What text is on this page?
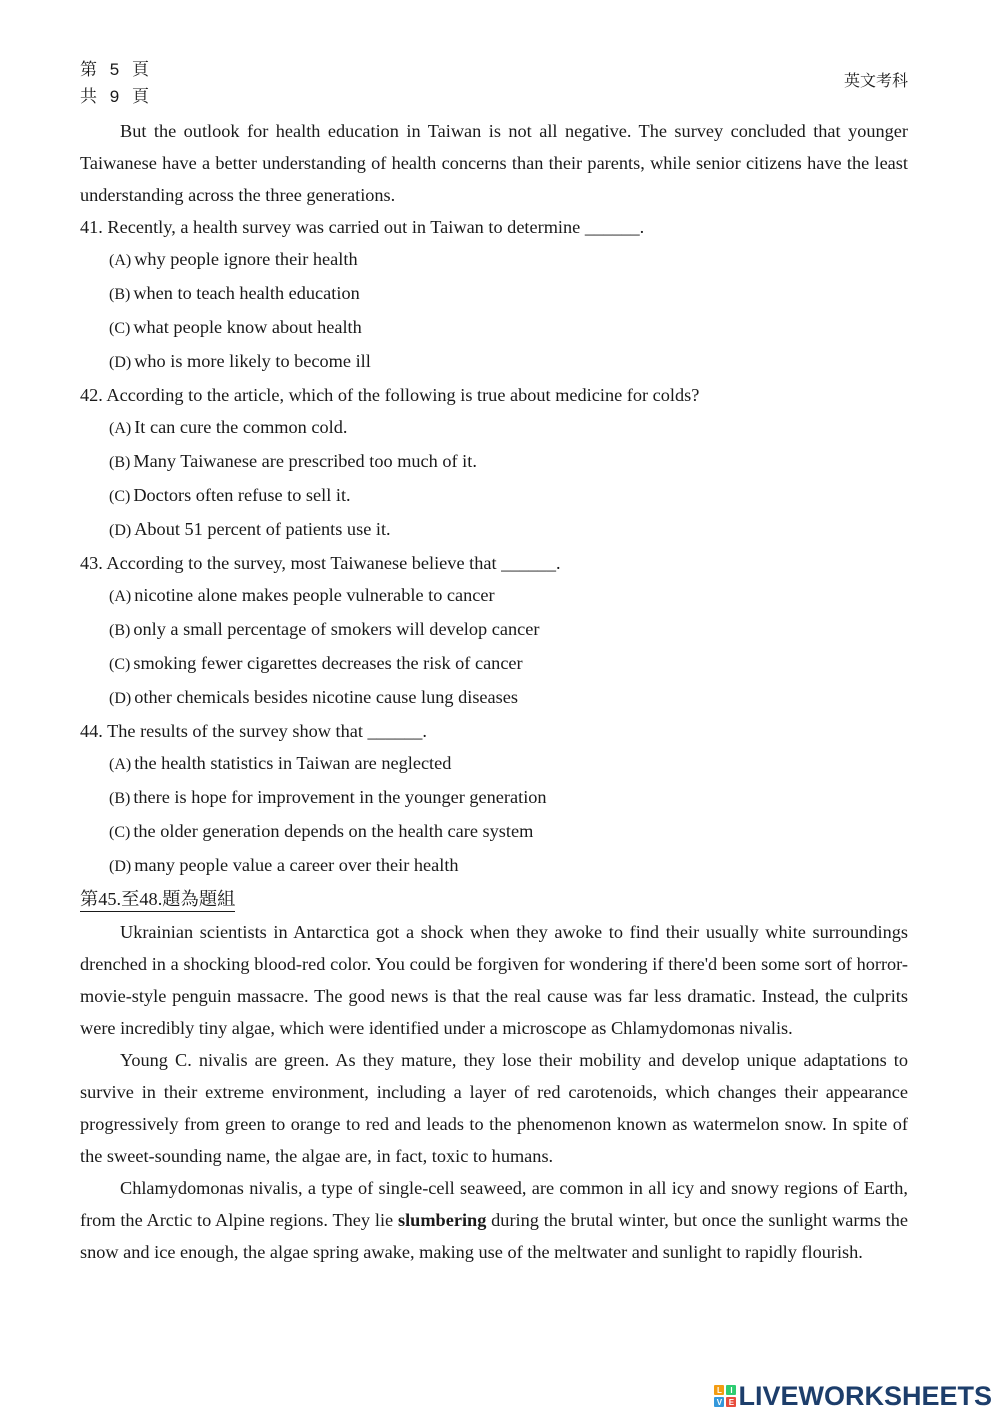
第 5 頁
共 9 頁
英文考科

But the outlook for health education in Taiwan is not all negative. The survey concluded that younger Taiwanese have a better understanding of health concerns than their parents, while senior citizens have the least understanding across the three generations.

41. Recently, a health survey was carried out in Taiwan to determine ______.
(A) why people ignore their health
(B) when to teach health education
(C) what people know about health
(D) who is more likely to become ill
42. According to the article, which of the following is true about medicine for colds?
(A) It can cure the common cold.
(B) Many Taiwanese are prescribed too much of it.
(C) Doctors often refuse to sell it.
(D) About 51 percent of patients use it.
43. According to the survey, most Taiwanese believe that ______.
(A) nicotine alone makes people vulnerable to cancer
(B) only a small percentage of smokers will develop cancer
(C) smoking fewer cigarettes decreases the risk of cancer
(D) other chemicals besides nicotine cause lung diseases
44. The results of the survey show that ______.
(A) the health statistics in Taiwan are neglected
(B) there is hope for improvement in the younger generation
(C) the older generation depends on the health care system
(D) many people value a career over their health
第45.至48.題為題組

Ukrainian scientists in Antarctica got a shock when they awoke to find their usually white surroundings drenched in a shocking blood-red color. You could be forgiven for wondering if there'd been some sort of horror-movie-style penguin massacre. The good news is that the real cause was far less dramatic. Instead, the culprits were incredibly tiny algae, which were identified under a microscope as Chlamydomonas nivalis.

Young C. nivalis are green. As they mature, they lose their mobility and develop unique adaptations to survive in their extreme environment, including a layer of red carotenoids, which changes their appearance progressively from green to orange to red and leads to the phenomenon known as watermelon snow. In spite of the sweet-sounding name, the algae are, in fact, toxic to humans.

Chlamydomonas nivalis, a type of single-cell seaweed, are common in all icy and snowy regions of Earth, from the Arctic to Alpine regions. They lie slumbering during the brutal winter, but once the sunlight warms the snow and ice enough, the algae spring awake, making use of the meltwater and sunlight to rapidly flourish.

L	I
V E LIVEWORKSHEETS
